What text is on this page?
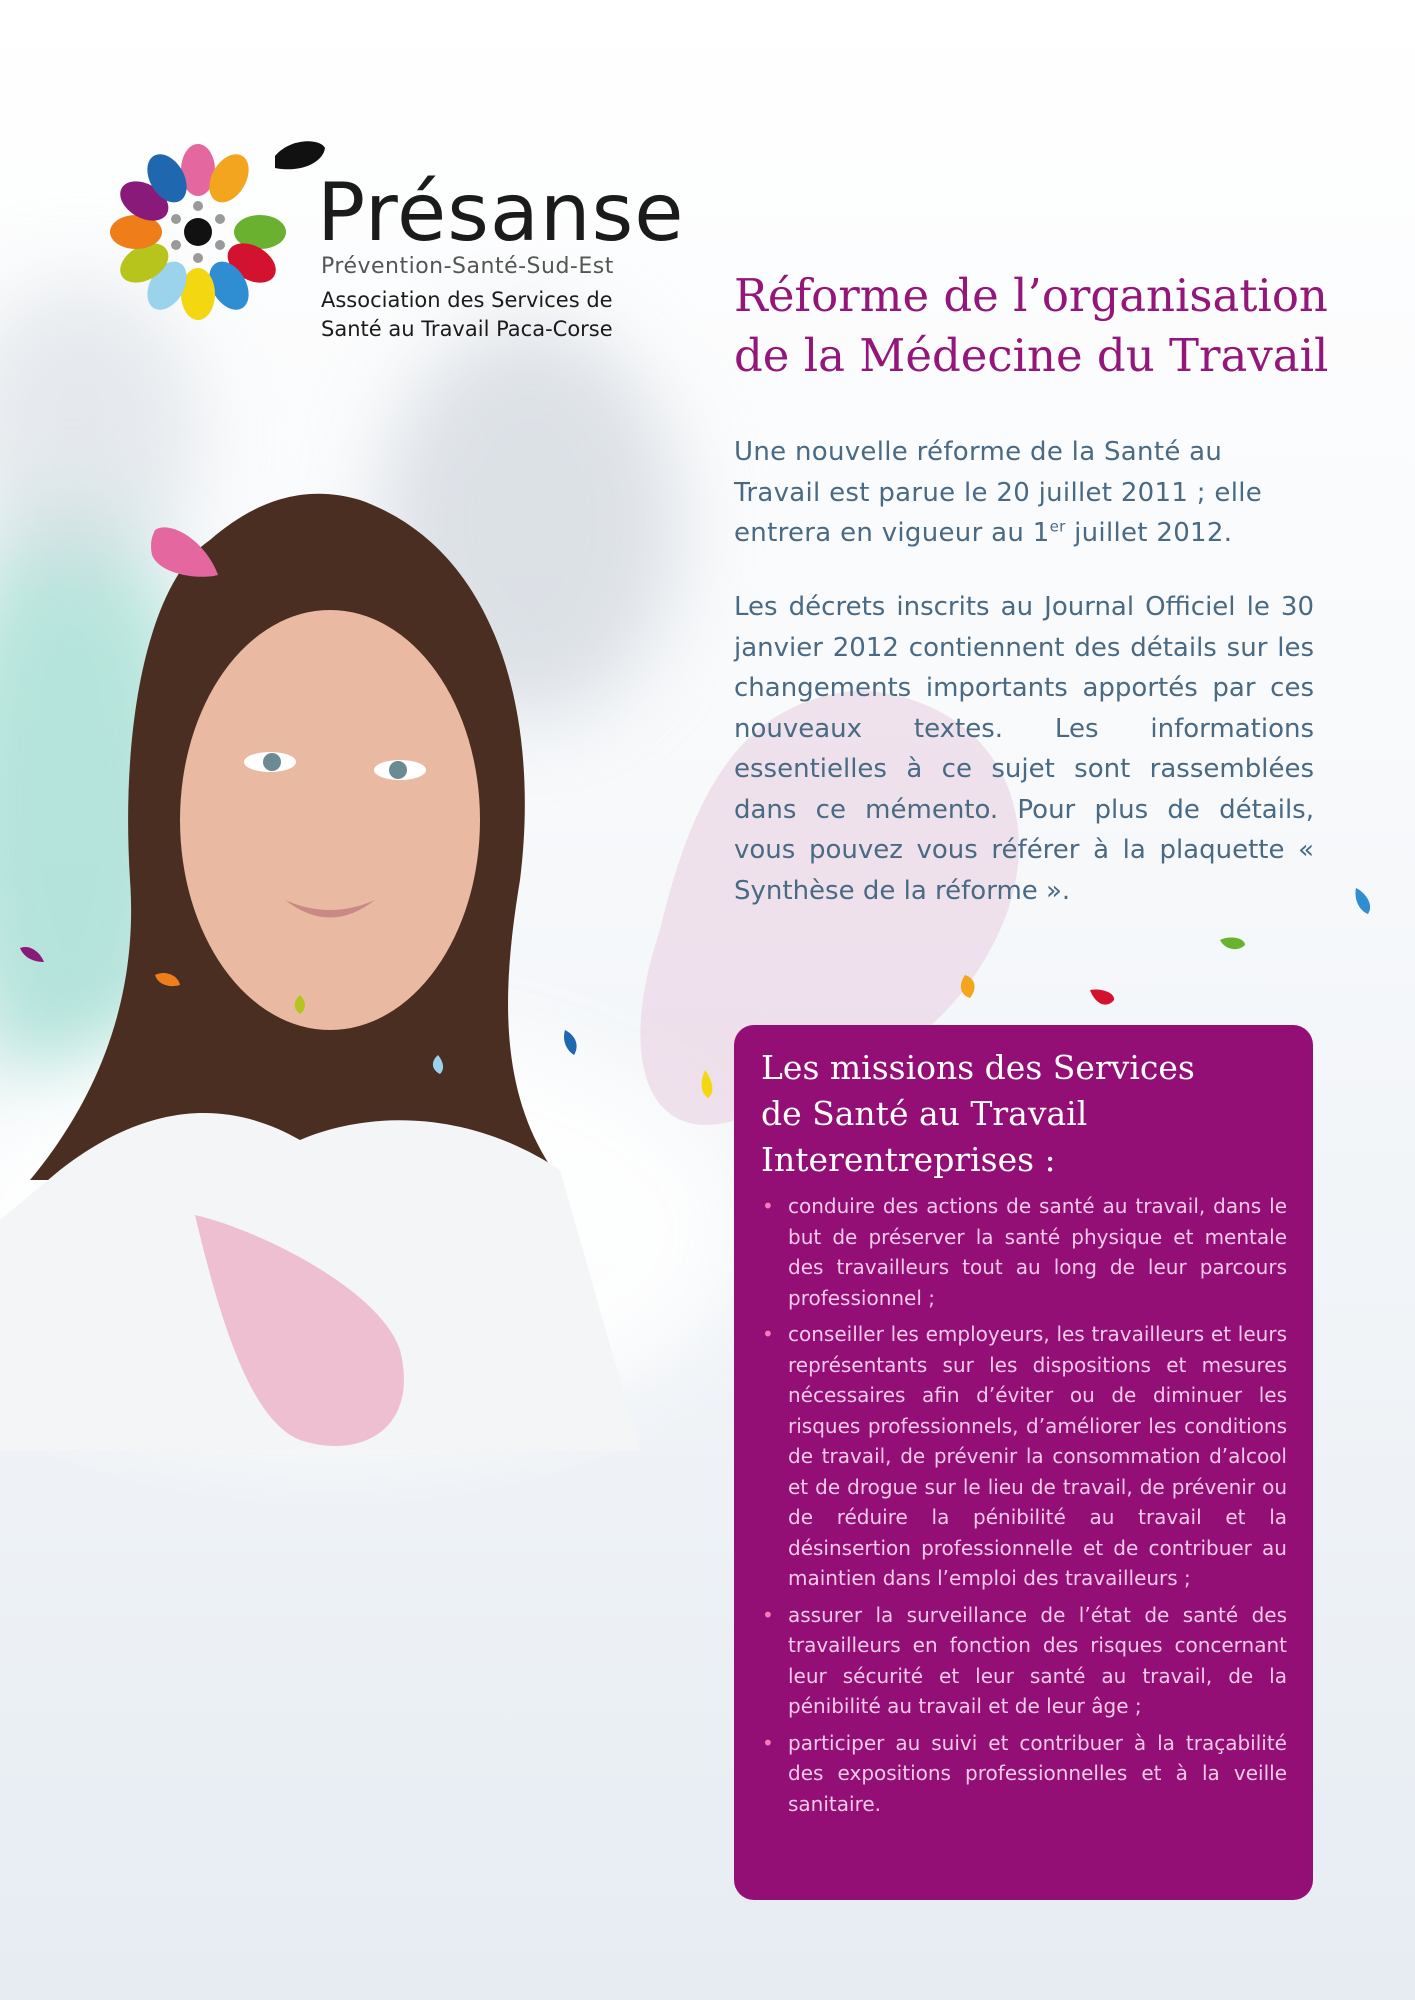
Présanse
Prévention-Santé-Sud-Est
Association des Services de
Santé au Travail Paca-Corse
Réforme de l’organisation
de la Médecine du Travail

Une nouvelle réforme de la Santé au Travail est parue le 20 juillet 2011 ; elle entrera en vigueur au 1er juillet 2012.

Les décrets inscrits au Journal Officiel le 30 janvier 2012 contiennent des détails sur les changements importants apportés par ces nouveaux textes. Les informations essentielles à ce sujet sont rassemblées dans ce mémento. Pour plus de détails, vous pouvez vous référer à la plaquette « Synthèse de la réforme ».

Les missions des Services
de Santé au Travail
Interentreprises :
• conduire des actions de santé au travail, dans le but de préserver la santé physique et mentale des travailleurs tout au long de leur parcours professionnel ;
• conseiller les employeurs, les travailleurs et leurs représentants sur les dispositions et mesures nécessaires afin d’éviter ou de diminuer les risques professionnels, d’améliorer les conditions de travail, de prévenir la consommation d’alcool et de drogue sur le lieu de travail, de prévenir ou de réduire la pénibilité au travail et la désinsertion professionnelle et de contribuer au maintien dans l’emploi des travailleurs ;
• assurer la surveillance de l’état de santé des travailleurs en fonction des risques concernant leur sécurité et leur santé au travail, de la pénibilité au travail et de leur âge ;
• participer au suivi et contribuer à la traçabilité des expositions professionnelles et à la veille sanitaire.
